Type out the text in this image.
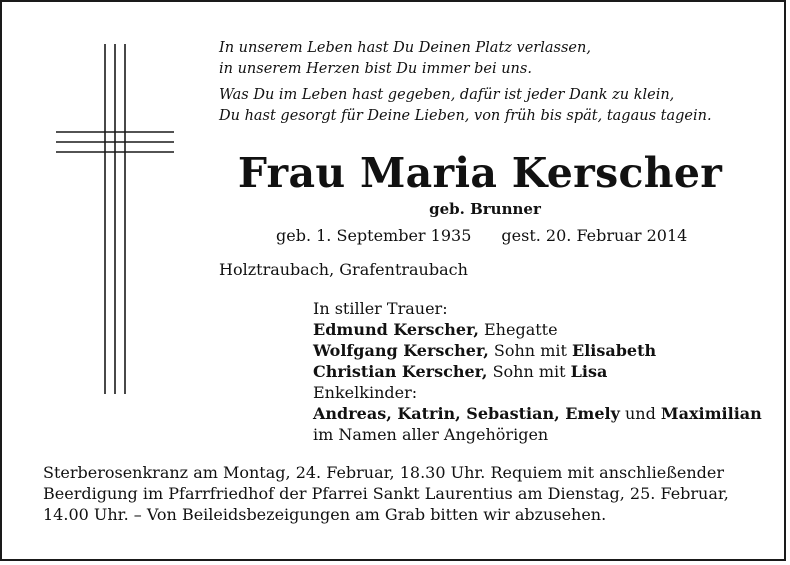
In unserem Leben hast Du Deinen Platz verlassen,
in unserem Herzen bist Du immer bei uns.
Was Du im Leben hast gegeben, dafür ist jeder Dank zu klein,
Du hast gesorgt für Deine Lieben, von früh bis spät, tagaus tagein.
Frau Maria Kerscher
geb. Brunner
geb. 1. September 1935 gest. 20. Februar 2014
Holztraubach, Grafentraubach
In stiller Trauer:
Edmund Kerscher, Ehegatte
Wolfgang Kerscher, Sohn mit Elisabeth
Christian Kerscher, Sohn mit Lisa
Enkelkinder:
Andreas, Katrin, Sebastian, Emely und Maximilian
im Namen aller Angehörigen
Sterberosenkranz am Montag, 24. Februar, 18.30 Uhr. Requiem mit anschließender
Beerdigung im Pfarrfriedhof der Pfarrei Sankt Laurentius am Dienstag, 25. Februar,
14.00 Uhr. – Von Beileidsbezeigungen am Grab bitten wir abzusehen.
